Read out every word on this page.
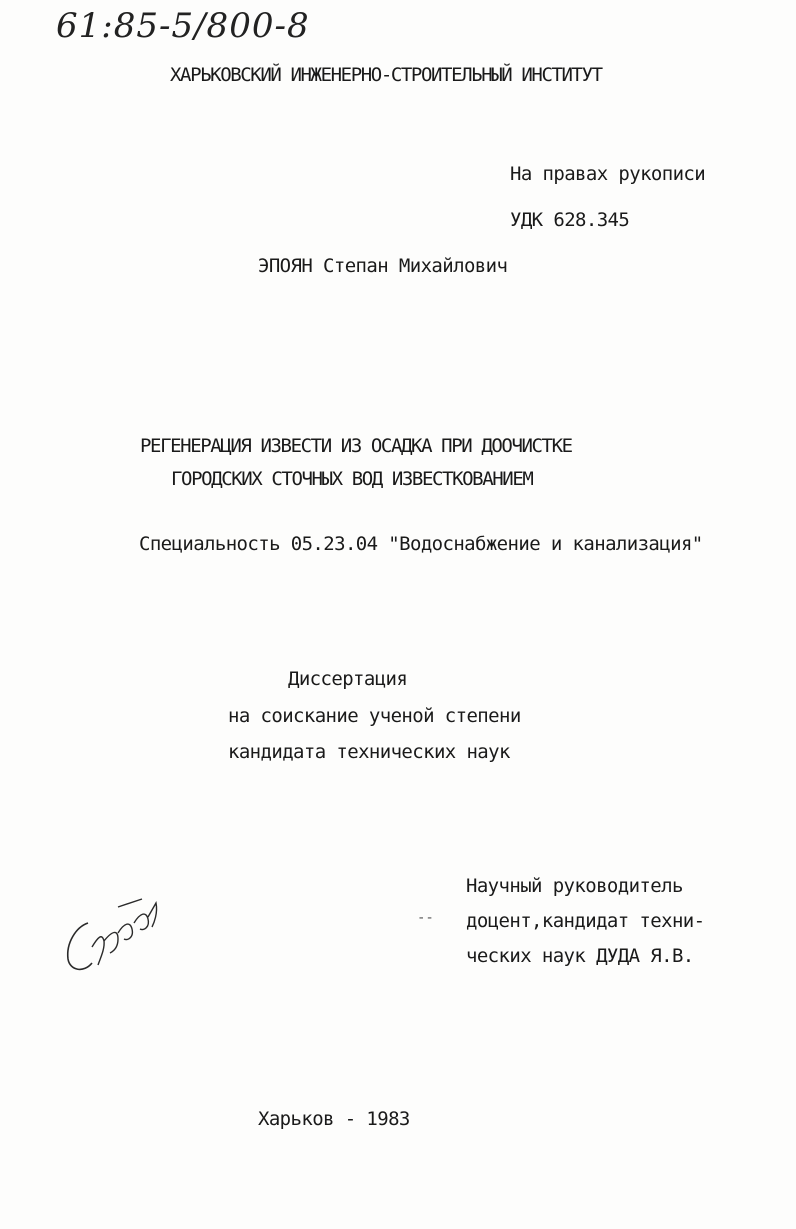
61:85-5/800-8
ХАРЬКОВСКИЙ ИНЖЕНЕРНО-СТРОИТЕЛЬНЫЙ ИНСТИТУТ
На правах рукописи
УДК 628.345
ЭПОЯН Степан Михайлович
РЕГЕНЕРАЦИЯ ИЗВЕСТИ ИЗ ОСАДКА ПРИ ДООЧИСТКЕ
ГОРОДСКИХ СТОЧНЫХ ВОД ИЗВЕСТКОВАНИЕМ
Специальность 05.23.04 "Водоснабжение и канализация"
Диссертация
на соискание ученой степени
кандидата технических наук
Научный руководитель
доцент,кандидат техни-
ческих наук ДУДА Я.В.
--
Харьков - 1983
